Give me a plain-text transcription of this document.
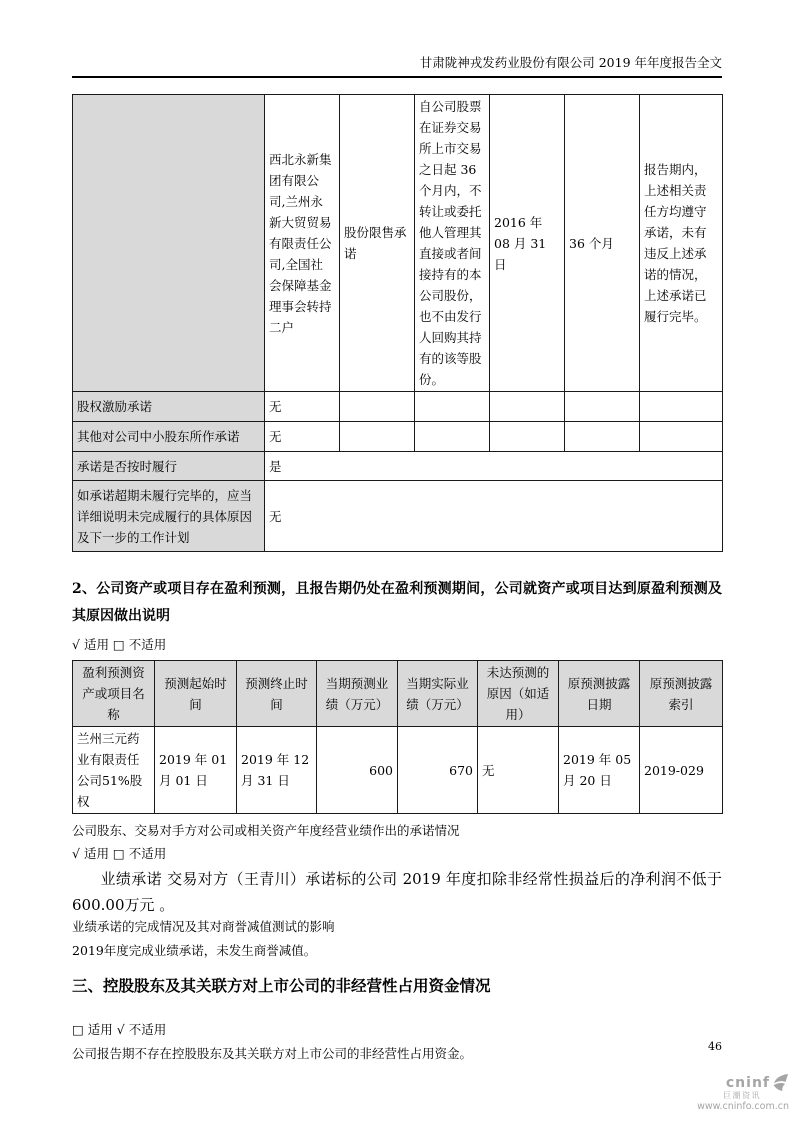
甘肃陇神戎发药业股份有限公司 2019 年年度报告全文
	西北永新集团有限公司,兰州永新大贸贸易有限责任公司,全国社会保障基金理事会转持二户	股份限售承诺	自公司股票在证券交易所上市交易之日起 36 个月内，不转让或委托他人管理其直接或者间接持有的本公司股份，也不由发行人回购其持有的该等股份。	2016 年 08 月 31 日	36 个月	报告期内，上述相关责任方均遵守承诺，未有违反上述承诺的情况，上述承诺已履行完毕。
股权激励承诺	无					
其他对公司中小股东所作承诺	无					
承诺是否按时履行	是					
如承诺超期未履行完毕的，应当详细说明未完成履行的具体原因及下一步的工作计划	无					

2、公司资产或项目存在盈利预测，且报告期仍处在盈利预测期间，公司就资产或项目达到原盈利预测及其原因做出说明

√ 适用 □ 不适用

盈利预测资产或项目名称	预测起始时间	预测终止时间	当期预测业绩（万元）	当期实际业绩（万元）	未达预测的原因（如适用）	原预测披露日期	原预测披露索引
兰州三元药业有限责任公司51%股权	2019 年 01 月 01 日	2019 年 12 月 31 日	600	670	无	2019 年 05 月 20 日	2019-029

公司股东、交易对手方对公司或相关资产年度经营业绩作出的承诺情况

√ 适用 □ 不适用

业绩承诺 交易对方（王青川）承诺标的公司 2019 年度扣除非经常性损益后的净利润不低于600.00万元 。

业绩承诺的完成情况及其对商誉减值测试的影响

2019年度完成业绩承诺，未发生商誉减值。

三、控股股东及其关联方对上市公司的非经营性占用资金情况

□ 适用 √ 不适用

公司报告期不存在控股股东及其关联方对上市公司的非经营性占用资金。	46
cninf
巨潮资讯
www.cninfo.com.cn
